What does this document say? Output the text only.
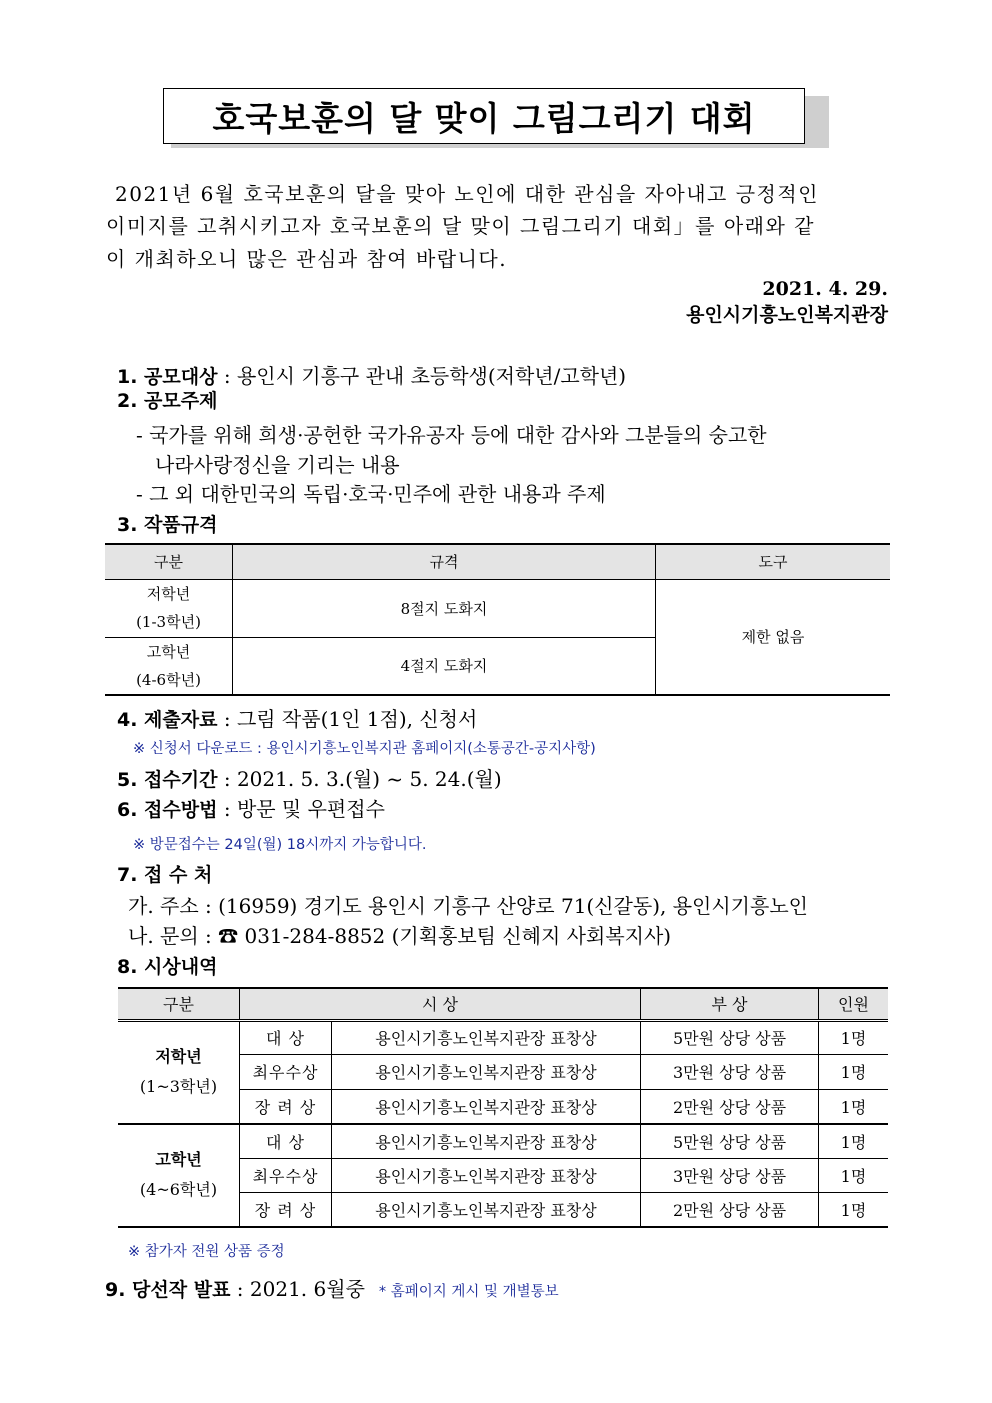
호국보훈의 달 맞이 그림그리기 대회
2021년 6월 호국보훈의 달을 맞아 노인에 대한 관심을 자아내고 긍정적인
이미지를 고취시키고자 호국보훈의 달 맞이 그림그리기 대회」를 아래와 같
이 개최하오니 많은 관심과 참여 바랍니다.
2021. 4. 29.
용인시기흥노인복지관장
1. 공모대상 : 용인시 기흥구 관내 초등학생(저학년/고학년)
2. 공모주제
- 국가를 위해 희생·공헌한 국가유공자 등에 대한 감사와 그분들의 숭고한
나라사랑정신을 기리는 내용
- 그 외 대한민국의 독립·호국·민주에 관한 내용과 주제
3. 작품규격
구분	규격	도구
저학년
(1-3학년)	8절지 도화지	제한 없음
고학년
(4-6학년)	4절지 도화지	
4. 제출자료 : 그림 작품(1인 1점), 신청서
※ 신청서 다운로드 : 용인시기흥노인복지관 홈페이지(소통공간-공지사항)
5. 접수기간 : 2021. 5. 3.(월) ~ 5. 24.(월)
6. 접수방법 : 방문 및 우편접수
※ 방문접수는 24일(월) 18시까지 가능합니다.
7. 접 수 처
가. 주소 : (16959) 경기도 용인시 기흥구 산양로 71(신갈동), 용인시기흥노인
나. 문의 : ☎ 031-284-8852 (기획홍보팀 신혜지 사회복지사)
8. 시상내역
구분	시 상		부 상	인원
저학년
(1~3학년)	대 상	용인시기흥노인복지관장 표창상	5만원 상당 상품	1명
	최우수상	용인시기흥노인복지관장 표창상	3만원 상당 상품	1명
	장 려 상	용인시기흥노인복지관장 표창상	2만원 상당 상품	1명
고학년
(4~6학년)	대 상	용인시기흥노인복지관장 표창상	5만원 상당 상품	1명
	최우수상	용인시기흥노인복지관장 표창상	3만원 상당 상품	1명
	장 려 상	용인시기흥노인복지관장 표창상	2만원 상당 상품	1명
※ 참가자 전원 상품 증정
9. 당선작 발표 : 2021. 6월중 * 홈페이지 게시 및 개별통보
